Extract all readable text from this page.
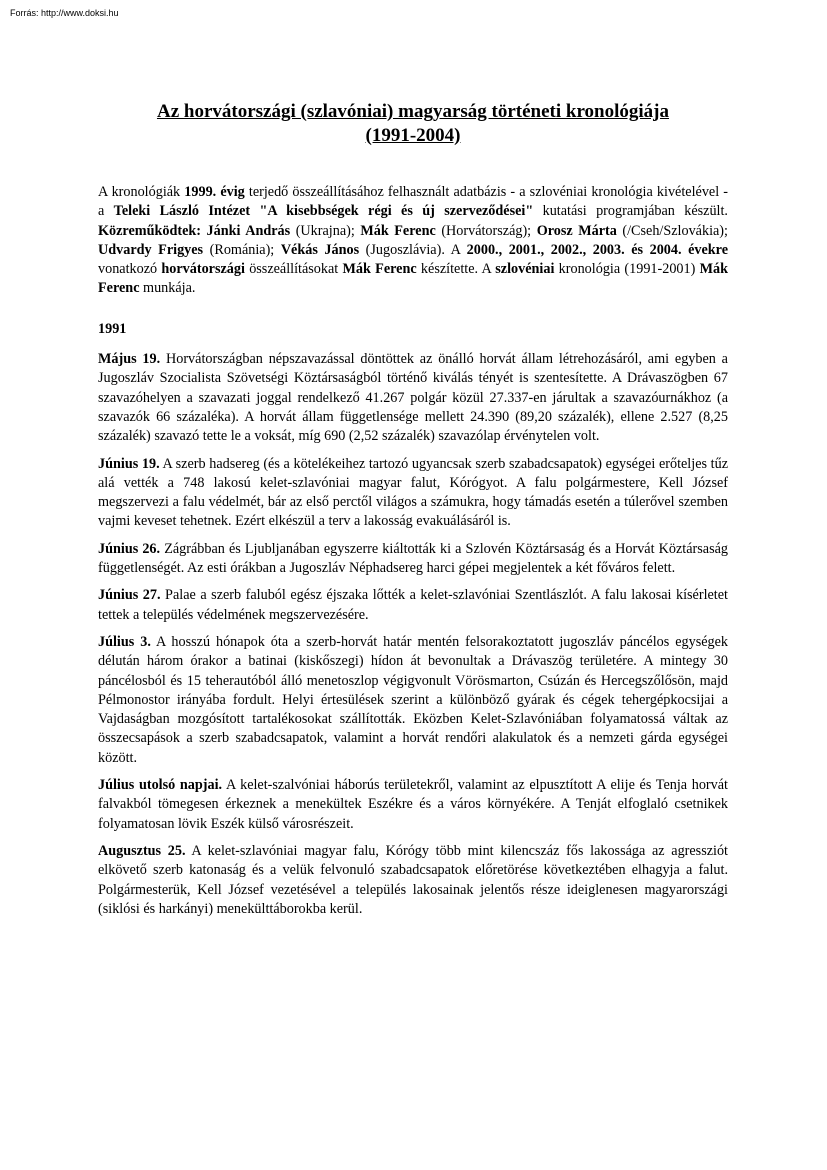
Forrás: http://www.doksi.hu
Az horvátországi (szlavóniai) magyarság történeti kronológiája
(1991-2004)

A kronológiák 1999. évig terjedő összeállításához felhasznált adatbázis - a szlovéniai kronológia kivételével - a Teleki László Intézet "A kisebbségek régi és új szerveződései" kutatási programjában készült. Közreműködtek: Jánki András (Ukrajna); Mák Ferenc (Horvátország); Orosz Márta (/Cseh/Szlovákia); Udvardy Frigyes (Románia); Vékás János (Jugoszlávia). A 2000., 2001., 2002., 2003. és 2004. évekre vonatkozó horvátországi összeállításokat Mák Ferenc készítette. A szlovéniai kronológia (1991-2001) Mák Ferenc munkája.

1991

Május 19. Horvátországban népszavazással döntöttek az önálló horvát állam létrehozásáról, ami egyben a Jugoszláv Szocialista Szövetségi Köztársaságból történő kiválás tényét is szentesítette. A Drávaszögben 67 szavazóhelyen a szavazati joggal rendelkező 41.267 polgár közül 27.337-en járultak a szavazóurnákhoz (a szavazók 66 százaléka). A horvát állam függetlensége mellett 24.390 (89,20 százalék), ellene 2.527 (8,25 százalék) szavazó tette le a voksát, míg 690 (2,52 százalék) szavazólap érvénytelen volt.

Június 19. A szerb hadsereg (és a kötelékeihez tartozó ugyancsak szerb szabadcsapatok) egységei erőteljes tűz alá vették a 748 lakosú kelet-szlavóniai magyar falut, Kórógyot. A falu polgármestere, Kell József megszervezi a falu védelmét, bár az első perctől világos a számukra, hogy támadás esetén a túlerővel szemben vajmi keveset tehetnek. Ezért elkészül a terv a lakosság evakuálásáról is.

Június 26. Zágrábban és Ljubljanában egyszerre kiáltották ki a Szlovén Köztársaság és a Horvát Köztársaság függetlenségét. Az esti órákban a Jugoszláv Néphadsereg harci gépei megjelentek a két főváros felett.

Június 27. Palae a szerb faluból egész éjszaka lőtték a kelet-szlavóniai Szentlászlót. A falu lakosai kísérletet tettek a település védelmének megszervezésére.

Július 3. A hosszú hónapok óta a szerb-horvát határ mentén felsorakoztatott jugoszláv páncélos egységek délután három órakor a batinai (kiskőszegi) hídon át bevonultak a Drávaszög területére. A mintegy 30 páncélosból és 15 teherautóból álló menetoszlop végigvonult Vörösmarton, Csúzán és Hercegszőlősön, majd Pélmonostor irányába fordult. Helyi értesülések szerint a különböző gyárak és cégek tehergépkocsijai a Vajdaságban mozgósított tartalékosokat szállították. Eközben Kelet-Szlavóniában folyamatossá váltak az összecsapások a szerb szabadcsapatok, valamint a horvát rendőri alakulatok és a nemzeti gárda egységei között.

Július utolsó napjai. A kelet-szalvóniai háborús területekről, valamint az elpusztított A elije és Tenja horvát falvakból tömegesen érkeznek a menekültek Eszékre és a város környékére. A Tenját elfoglaló csetnikek folyamatosan lövik Eszék külső városrészeit.

Augusztus 25. A kelet-szlavóniai magyar falu, Kórógy több mint kilencszáz fős lakossága az agressziót elkövető szerb katonaság és a velük felvonuló szabadcsapatok előretörése következtében elhagyja a falut. Polgármesterük, Kell József vezetésével a település lakosainak jelentős része ideiglenesen magyarországi (siklósi és harkányi) menekülttáborokba kerül.
